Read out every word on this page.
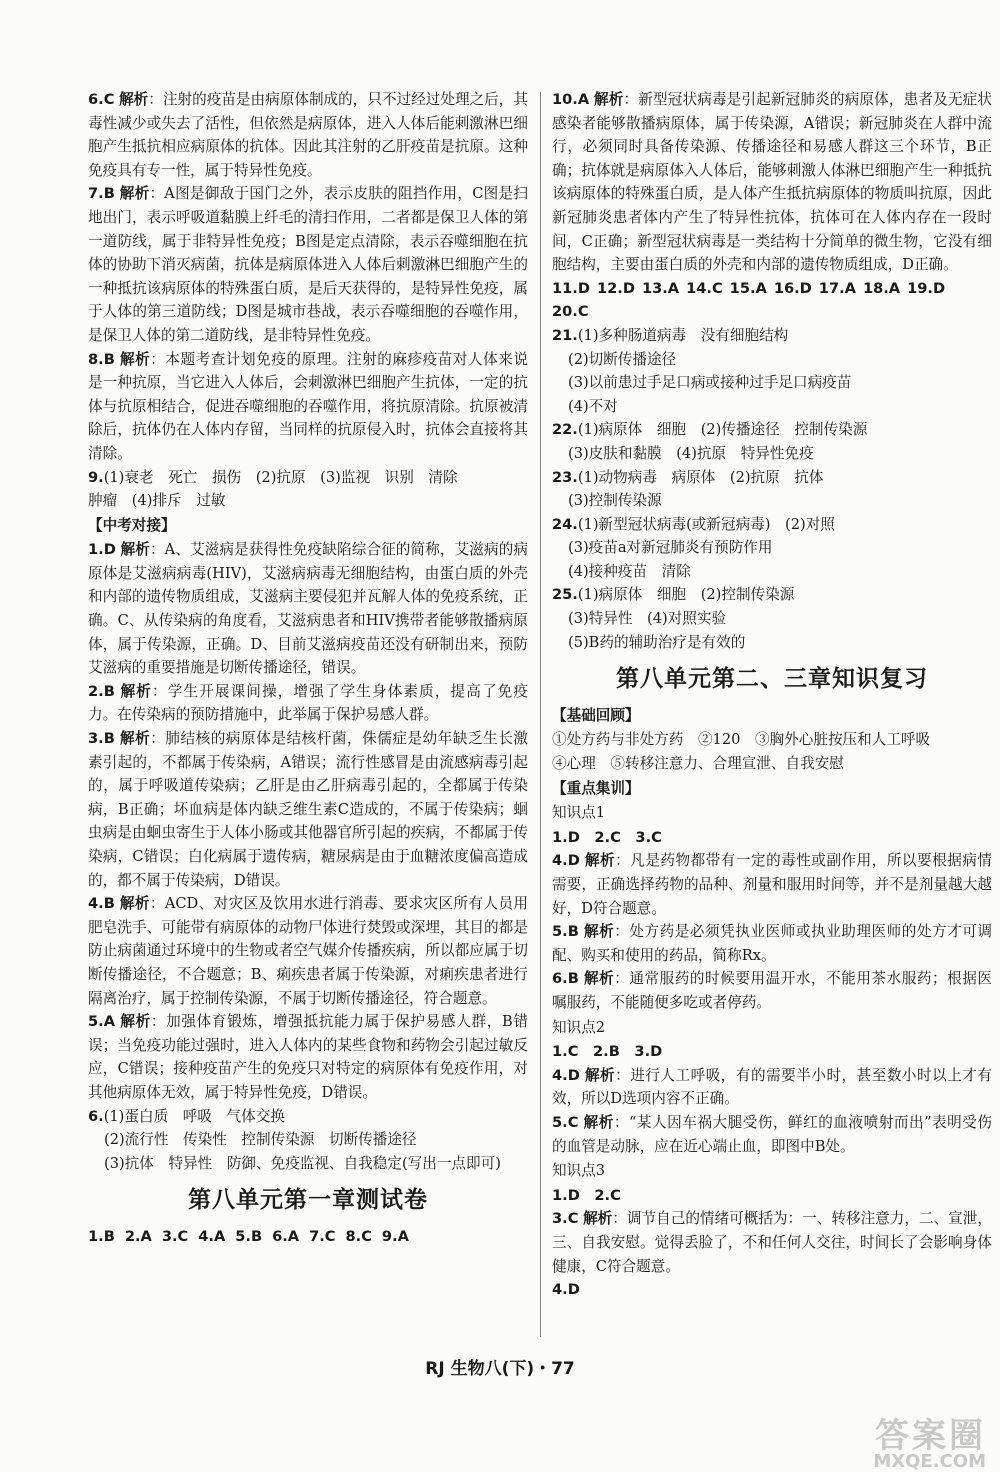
6.C 解析：注射的疫苗是由病原体制成的，只不过经过处理之后，其毒性减少或失去了活性，但依然是病原体，进入人体后能刺激淋巴细胞产生抵抗相应病原体的抗体。因此其注射的乙肝疫苗是抗原。这种免疫具有专一性，属于特异性免疫。

7.B 解析：A图是御敌于国门之外，表示皮肤的阻挡作用，C图是扫地出门，表示呼吸道黏膜上纤毛的清扫作用，二者都是保卫人体的第一道防线，属于非特异性免疫；B图是定点清除，表示吞噬细胞在抗体的协助下消灭病菌，抗体是病原体进入人体后刺激淋巴细胞产生的一种抵抗该病原体的特殊蛋白质，是后天获得的，是特异性免疫，属于人体的第三道防线；D图是城市巷战，表示吞噬细胞的吞噬作用，是保卫人体的第二道防线，是非特异性免疫。

8.B 解析：本题考查计划免疫的原理。注射的麻疹疫苗对人体来说是一种抗原，当它进入人体后，会刺激淋巴细胞产生抗体，一定的抗体与抗原相结合，促进吞噬细胞的吞噬作用，将抗原清除。抗原被清除后，抗体仍在人体内存留，当同样的抗原侵入时，抗体会直接将其清除。

9.(1)衰老　死亡　损伤　(2)抗原　(3)监视　识别　清除
肿瘤　(4)排斥　过敏
【中考对接】

1.D 解析：A、艾滋病是获得性免疫缺陷综合征的简称，艾滋病的病原体是艾滋病病毒(HIV)，艾滋病病毒无细胞结构，由蛋白质的外壳和内部的遗传物质组成，艾滋病主要侵犯并瓦解人体的免疫系统，正确。C、从传染病的角度看，艾滋病患者和HIV携带者能够散播病原体，属于传染源，正确。D、目前艾滋病疫苗还没有研制出来，预防艾滋病的重要措施是切断传播途径，错误。

2.B 解析：学生开展课间操，增强了学生身体素质，提高了免疫力。在传染病的预防措施中，此举属于保护易感人群。

3.B 解析：肺结核的病原体是结核杆菌，侏儒症是幼年缺乏生长激素引起的，不都属于传染病，A错误；流行性感冒是由流感病毒引起的，属于呼吸道传染病；乙肝是由乙肝病毒引起的，全都属于传染病，B正确；坏血病是体内缺乏维生素C造成的，不属于传染病；蛔虫病是由蛔虫寄生于人体小肠或其他器官所引起的疾病，不都属于传染病，C错误；白化病属于遗传病，糖尿病是由于血糖浓度偏高造成的，都不属于传染病，D错误。

4.B 解析：ACD、对灾区及饮用水进行消毒、要求灾区所有人员用肥皂洗手、可能带有病原体的动物尸体进行焚毁或深埋，其目的都是防止病菌通过环境中的生物或者空气媒介传播疾病，所以都应属于切断传播途径，不合题意；B、痢疾患者属于传染源，对痢疾患者进行隔离治疗，属于控制传染源，不属于切断传播途径，符合题意。

5.A 解析：加强体育锻炼，增强抵抗能力属于保护易感人群，B错误；当免疫功能过强时，进入人体内的某些食物和药物会引起过敏反应，C错误；接种疫苗产生的免疫只对特定的病原体有免疫作用，对其他病原体无效，属于特异性免疫，D错误。

6.(1)蛋白质　呼吸　气体交换
(2)流行性　传染性　控制传染源　切断传播途径
(3)抗体　特异性　防御、免疫监视、自我稳定(写出一点即可)
第八单元第一章测试卷
1.B 2.A 3.C 4.A 5.B 6.A 7.C 8.C 9.A

10.A 解析：新型冠状病毒是引起新冠肺炎的病原体，患者及无症状感染者能够散播病原体，属于传染源，A错误；新冠肺炎在人群中流行，必须同时具备传染源、传播途径和易感人群这三个环节，B正确；抗体就是病原体入人体后，能够刺激人体淋巴细胞产生一种抵抗该病原体的特殊蛋白质，是人体产生抵抗病原体的物质叫抗原，因此新冠肺炎患者体内产生了特异性抗体，抗体可在人体内存在一段时间，C正确；新型冠状病毒是一类结构十分简单的微生物，它没有细胞结构，主要由蛋白质的外壳和内部的遗传物质组成，D正确。

11.D 12.D 13.A 14.C 15.A 16.D 17.A 18.A 19.D
20.C
21.(1)多种肠道病毒　没有细胞结构
(2)切断传播途径
(3)以前患过手足口病或接种过手足口病疫苗
(4)不对
22.(1)病原体　细胞　(2)传播途径　控制传染源
(3)皮肤和黏膜　(4)抗原　特异性免疫
23.(1)动物病毒　病原体　(2)抗原　抗体
(3)控制传染源
24.(1)新型冠状病毒(或新冠病毒)　(2)对照
(3)疫苗a对新冠肺炎有预防作用
(4)接种疫苗　清除
25.(1)病原体　细胞　(2)控制传染源
(3)特异性　(4)对照实验
(5)B药的辅助治疗是有效的
第八单元第二、三章知识复习
【基础回顾】
①处方药与非处方药　②120　③胸外心脏按压和人工呼吸
④心理　⑤转移注意力、合理宣泄、自我安慰
【重点集训】
知识点1
1.D　2.C　3.C

4.D 解析：凡是药物都带有一定的毒性或副作用，所以要根据病情需要，正确选择药物的品种、剂量和服用时间等，并不是剂量越大越好，D符合题意。

5.B 解析：处方药是必须凭执业医师或执业助理医师的处方才可调配、购买和使用的药品，简称Rx。

6.B 解析：通常服药的时候要用温开水，不能用茶水服药；根据医嘱服药，不能随便多吃或者停药。

知识点2
1.C　2.B　3.D

4.D 解析：进行人工呼吸，有的需要半小时，甚至数小时以上才有效，所以D选项内容不正确。

5.C 解析：“某人因车祸大腿受伤，鲜红的血液喷射而出”表明受伤的血管是动脉，应在近心端止血，即图中B处。

知识点3
1.D　2.C

3.C 解析：调节自己的情绪可概括为：一、转移注意力，二、宣泄，三、自我安慰。觉得丢脸了，不和任何人交往，时间长了会影响身体健康，C符合题意。

4.D
RJ 生物八(下)・77
答案圈
MXQE.COM
